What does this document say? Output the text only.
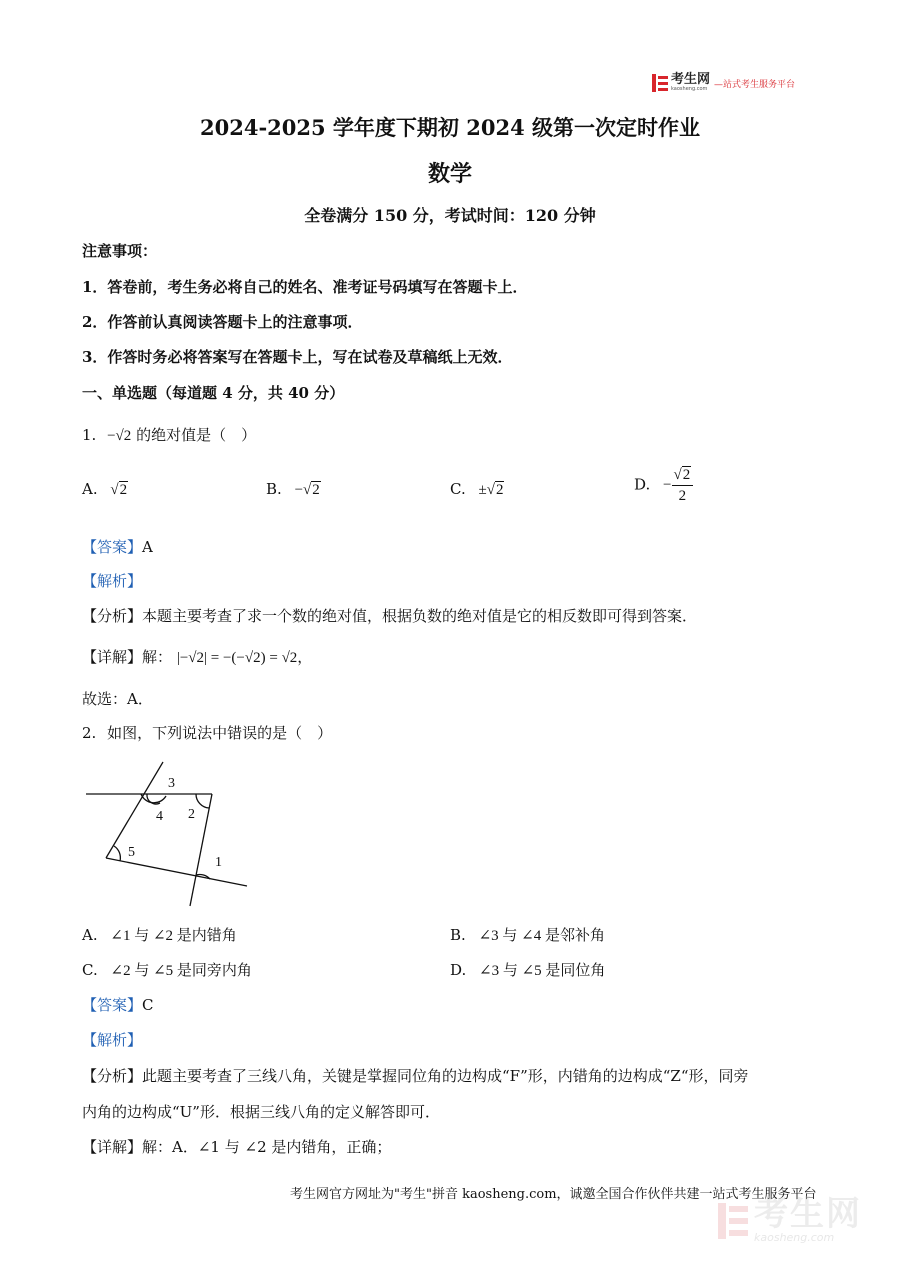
考生网
kaosheng.com —站式考生服务平台
2024-2025 学年度下期初 2024 级第一次定时作业
数学
全卷满分 150 分，考试时间：120 分钟
注意事项：
1．答卷前，考生务必将自己的姓名、准考证号码填写在答题卡上．
2．作答前认真阅读答题卡上的注意事项．
3．作答时务必将答案写在答题卡上，写在试卷及草稿纸上无效．
一、单选题（每道题 4 分，共 40 分）
1. −√2 的绝对值是（　）
A. √2	B. −√2	C. ±√2	D. − $\frac{√2}{2}$
【答案】A
【解析】
【分析】本题主要考查了求一个数的绝对值，根据负数的绝对值是它的相反数即可得到答案．
【详解】解： |−√2| = −(−√2) = √2，
故选：A．
2. 如图，下列说法中错误的是（　）
3
4 2
5
1
A. ∠1 与 ∠2 是内错角	B. ∠3 与 ∠4 是邻补角
C. ∠2 与 ∠5 是同旁内角	D. ∠3 与 ∠5 是同位角
【答案】C
【解析】
【分析】此题主要考查了三线八角，关键是掌握同位角的边构成“F”形，内错角的边构成“Z“形，同旁
内角的边构成“U”形．根据三线八角的定义解答即可．
【详解】解：A．∠1 与 ∠2 是内错角，正确；
考生网官方网址为"考生"拼音 kaosheng.com，诚邀全国合作伙伴共建一站式考生服务平台
考生网
kaosheng.com
